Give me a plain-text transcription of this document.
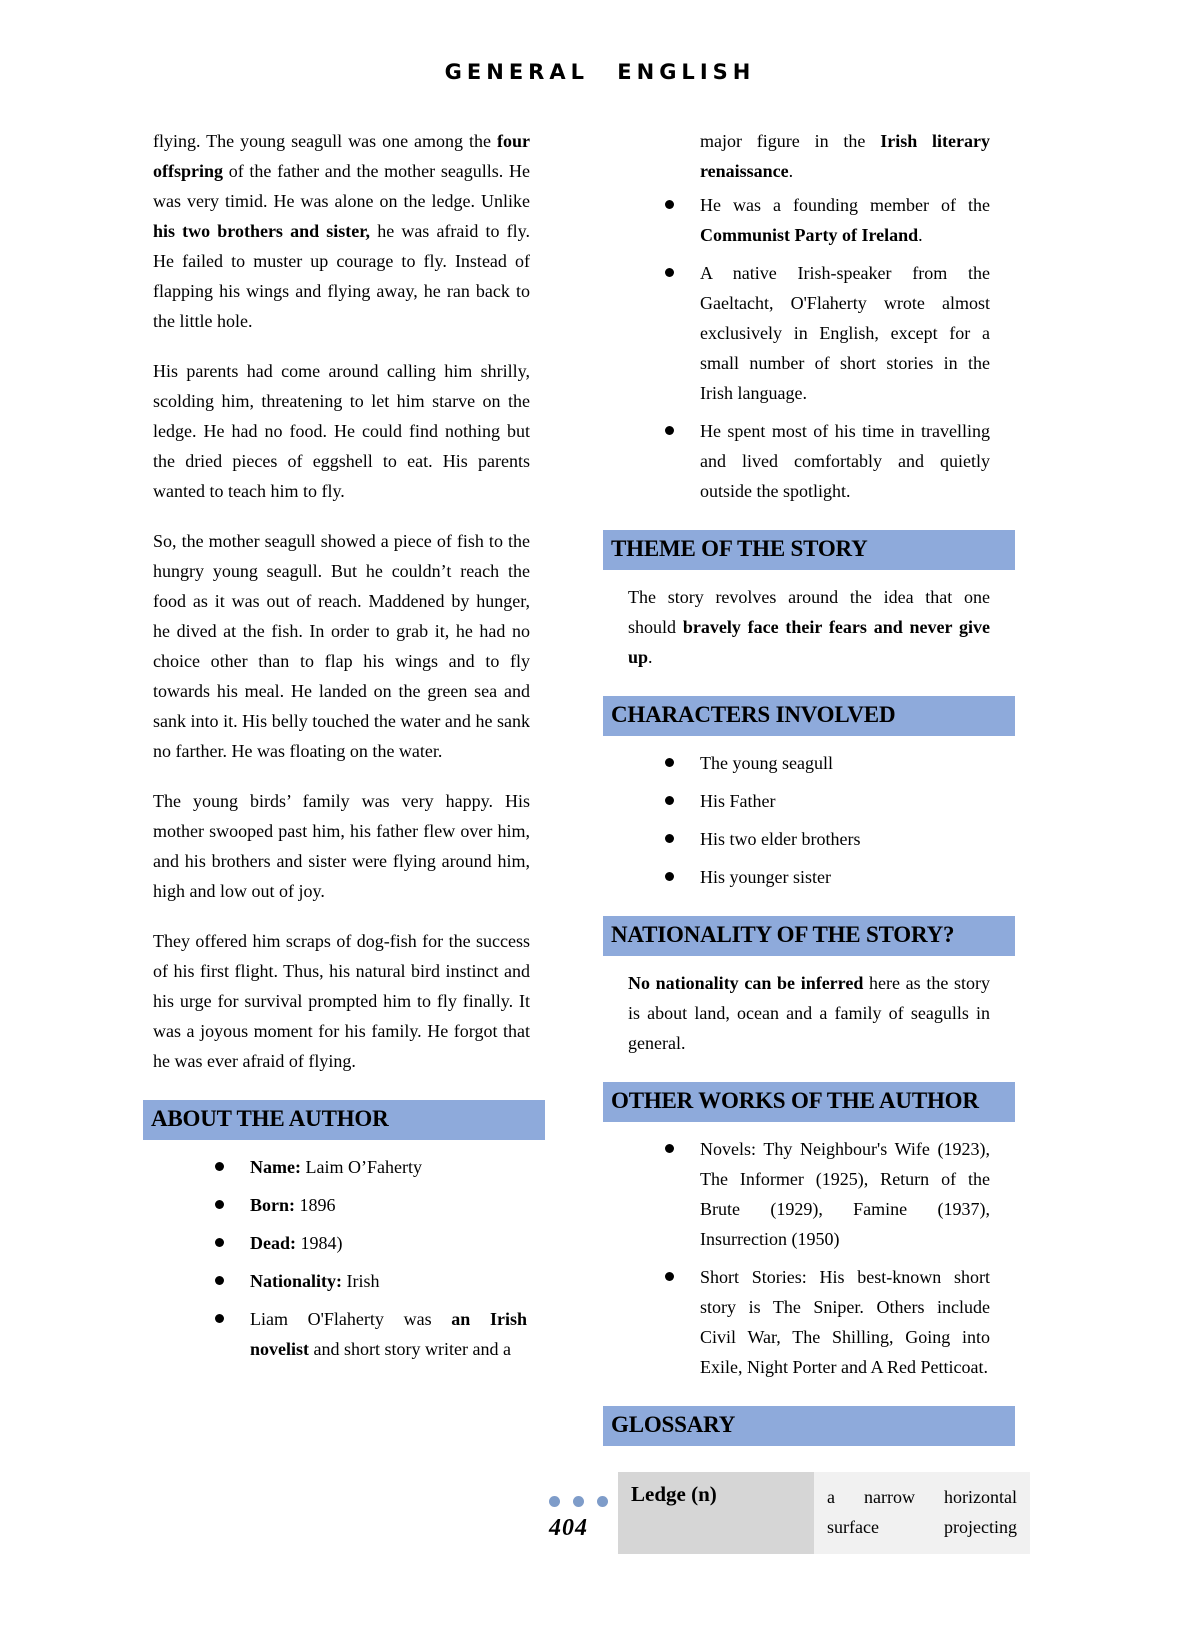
GENERAL ENGLISH

flying. The young seagull was one among the four offspring of the father and the mother seagulls. He was very timid. He was alone on the ledge. Unlike his two brothers and sister, he was afraid to fly. He failed to muster up courage to fly. Instead of flapping his wings and flying away, he ran back to the little hole.

His parents had come around calling him shrilly, scolding him, threatening to let him starve on the ledge. He had no food. He could find nothing but the dried pieces of eggshell to eat. His parents wanted to teach him to fly.

So, the mother seagull showed a piece of fish to the hungry young seagull. But he couldn’t reach the food as it was out of reach. Maddened by hunger, he dived at the fish. In order to grab it, he had no choice other than to flap his wings and to fly towards his meal. He landed on the green sea and sank into it. His belly touched the water and he sank no farther. He was floating on the water.

The young birds’ family was very happy. His mother swooped past him, his father flew over him, and his brothers and sister were flying around him, high and low out of joy.

They offered him scraps of dog-fish for the success of his first flight. Thus, his natural bird instinct and his urge for survival prompted him to fly finally. It was a joyous moment for his family. He forgot that he was ever afraid of flying.

ABOUT THE AUTHOR
Name: Laim O’Faherty
Born: 1896
Dead: 1984)
Nationality: Irish
Liam O'Flaherty was an Irish novelist and short story writer and a

major figure in the Irish literary renaissance.

He was a founding member of the Communist Party of Ireland.
A native Irish-speaker from the Gaeltacht, O'Flaherty wrote almost exclusively in English, except for a small number of short stories in the Irish language.
He spent most of his time in travelling and lived comfortably and quietly outside the spotlight.
THEME OF THE STORY

The story revolves around the idea that one should bravely face their fears and never give up.

CHARACTERS INVOLVED
The young seagull
His Father
His two elder brothers
His younger sister
NATIONALITY OF THE STORY?

No nationality can be inferred here as the story is about land, ocean and a family of seagulls in general.

OTHER WORKS OF THE AUTHOR
Novels: Thy Neighbour's Wife (1923), The Informer (1925), Return of the Brute (1929), Famine (1937), Insurrection (1950)
Short Stories: His best-known short story is The Sniper. Others include Civil War, The Shilling, Going into Exile, Night Porter and A Red Petticoat.
GLOSSARY
Ledge (n)	a narrow horizontal surface projecting
404
